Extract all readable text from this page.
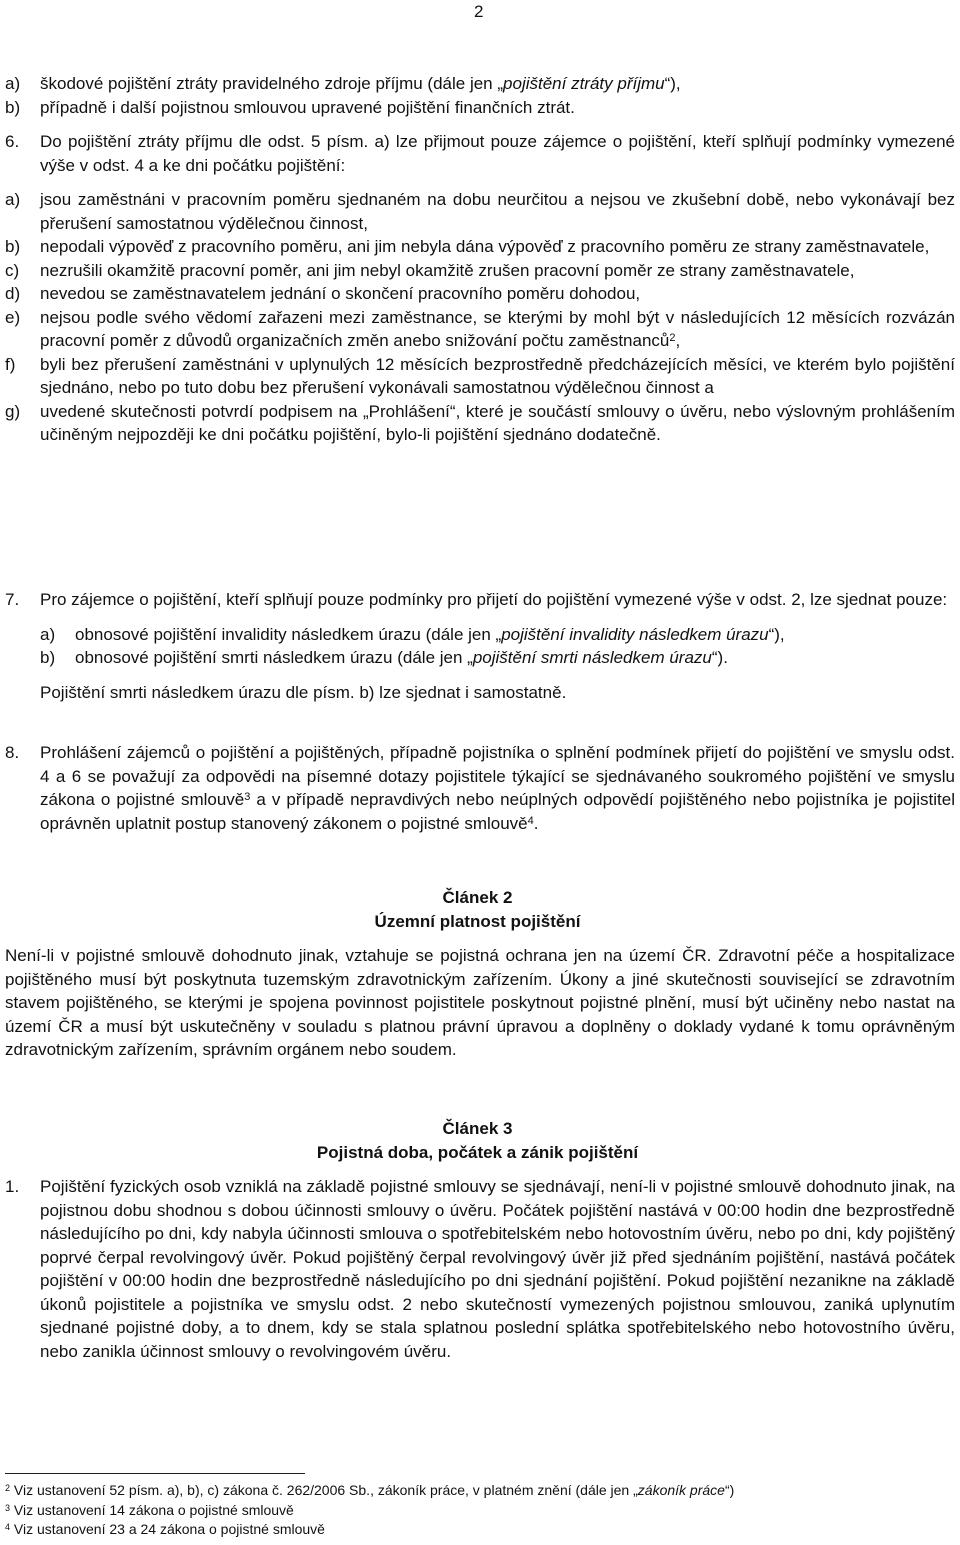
2
a) škodové pojištění ztráty pravidelného zdroje příjmu (dále jen „pojištění ztráty příjmu“),
b) případně i další pojistnou smlouvou upravené pojištění finančních ztrát.
6. Do pojištění ztráty příjmu dle odst. 5 písm. a) lze přijmout pouze zájemce o pojištění, kteří splňují podmínky vymezené výše v odst. 4 a ke dni počátku pojištění:
a) jsou zaměstnáni v pracovním poměru sjednaném na dobu neurčitou a nejsou ve zkušební době, nebo vykonávají bez přerušení samostatnou výdělečnou činnost,
b) nepodali výpověď z pracovního poměru, ani jim nebyla dána výpověď z pracovního poměru ze strany zaměstnavatele,
c) nezrušili okamžitě pracovní poměr, ani jim nebyl okamžitě zrušen pracovní poměr ze strany zaměstnavatele,
d) nevedou se zaměstnavatelem jednání o skončení pracovního poměru dohodou,
e) nejsou podle svého vědomí zařazeni mezi zaměstnance, se kterými by mohl být v následujících 12 měsících rozvázán pracovní poměr z důvodů organizačních změn anebo snižování počtu zaměstnanců$^2$,
f) byli bez přerušení zaměstnáni v uplynulých 12 měsících bezprostředně předcházejících měsíci, ve kterém bylo pojištění sjednáno, nebo po tuto dobu bez přerušení vykonávali samostatnou výdělečnou činnost a
g) uvedené skutečnosti potvrdí podpisem na „Prohlášení“, které je součástí smlouvy o úvěru, nebo výslovným prohlášením učiněným nejpozději ke dni počátku pojištění, bylo-li pojištění sjednáno dodatečně.
7. Pro zájemce o pojištění, kteří splňují pouze podmínky pro přijetí do pojištění vymezené výše v odst. 2, lze sjednat pouze:
a) obnosové pojištění invalidity následkem úrazu (dále jen „pojištění invalidity následkem úrazu“),
b) obnosové pojištění smrti následkem úrazu (dále jen „pojištění smrti následkem úrazu“).
Pojištění smrti následkem úrazu dle písm. b) lze sjednat i samostatně.
8. Prohlášení zájemců o pojištění a pojištěných, případně pojistníka o splnění podmínek přijetí do pojištění ve smyslu odst. 4 a 6 se považují za odpovědi na písemné dotazy pojistitele týkající se sjednávaného soukromého pojištění ve smyslu zákona o pojistné smlouvě$^3$ a v případě nepravdivých nebo neúplných odpovědí pojištěného nebo pojistníka je pojistitel oprávněn uplatnit postup stanovený zákonem o pojistné smlouvě$^4$.
Článek 2
Územní platnost pojištění
Není-li v pojistné smlouvě dohodnuto jinak, vztahuje se pojistná ochrana jen na území ČR. Zdravotní péče a hospitalizace pojištěného musí být poskytnuta tuzemským zdravotnickým zařízením. Úkony a jiné skutečnosti související se zdravotním stavem pojištěného, se kterými je spojena povinnost pojistitele poskytnout pojistné plnění, musí být učiněny nebo nastat na území ČR a musí být uskutečněny v souladu s platnou právní úpravou a doplněny o doklady vydané k tomu oprávněným zdravotnickým zařízením, správním orgánem nebo soudem.
Článek 3
Pojistná doba, počátek a zánik pojištění
1. Pojištění fyzických osob vzniklá na základě pojistné smlouvy se sjednávají, není-li v pojistné smlouvě dohodnuto jinak, na pojistnou dobu shodnou s dobou účinnosti smlouvy o úvěru. Počátek pojištění nastává v 00:00 hodin dne bezprostředně následujícího po dni, kdy nabyla účinnosti smlouva o spotřebitelském nebo hotovostním úvěru, nebo po dni, kdy pojištěný poprvé čerpal revolvingový úvěr. Pokud pojištěný čerpal revolvingový úvěr již před sjednáním pojištění, nastává počátek pojištění v 00:00 hodin dne bezprostředně následujícího po dni sjednání pojištění. Pokud pojištění nezanikne na základě úkonů pojistitele a pojistníka ve smyslu odst. 2 nebo skutečností vymezených pojistnou smlouvou, zaniká uplynutím sjednané pojistné doby, a to dnem, kdy se stala splatnou poslední splátka spotřebitelského nebo hotovostního úvěru, nebo zanikla účinnost smlouvy o revolvingovém úvěru.
$^2$ Viz ustanovení 52 písm. a), b), c) zákona č. 262/2006 Sb., zákoník práce, v platném znění (dále jen „zákoník práce“)
$^3$ Viz ustanovení 14 zákona o pojistné smlouvě
$^4$ Viz ustanovení 23 a 24 zákona o pojistné smlouvě
